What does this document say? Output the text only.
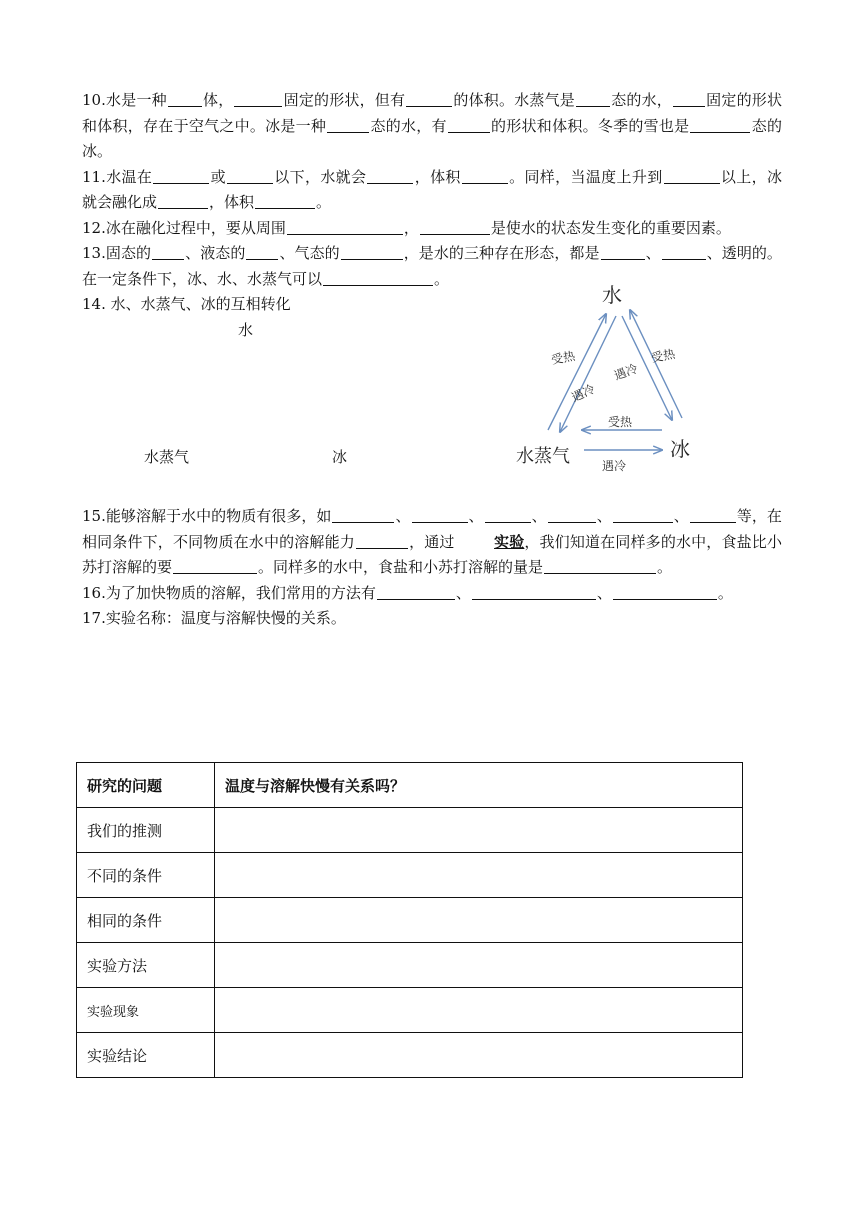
10.水是一种 体，	固定的形状，但有	的体积。水蒸气是 态的水， 固定的形状和体积，存在于空气之中。冰是一种	态的水，有	的形状和体积。冬季的雪也是	态的冰。

11.水温在	或	以下，水就会	，体积	。同样，当温度上升到	以上，冰就会融化成	，体积	。

12.冰在融化过程中，要从周围	，	是使水的状态发生变化的重要因素。

13.固态的 、液态的 、气态的	，是水的三种存在形态，都是	、	、透明的。在一定条件下，冰、水、水蒸气可以	。

14. 水、水蒸气、冰的互相转化
水
水蒸气	冰
水
水蒸气	冰
受热
遇冷
遇冷
受热
受热
遇冷

15.能够溶解于水中的物质有很多，如	、	、	、	、	、	等，在相同条件下，不同物质在水中的溶解能力	，通过	实验，我们知道在同样多的水中，食盐比小苏打溶解的要	。同样多的水中，食盐和小苏打溶解的量是	。

16.为了加快物质的溶解，我们常用的方法有	、	、	。

17.实验名称：温度与溶解快慢的关系。

研究的问题	温度与溶解快慢有关系吗？
我们的推测	
不同的条件	
相同的条件	
实验方法	
实验现象	
实验结论	
